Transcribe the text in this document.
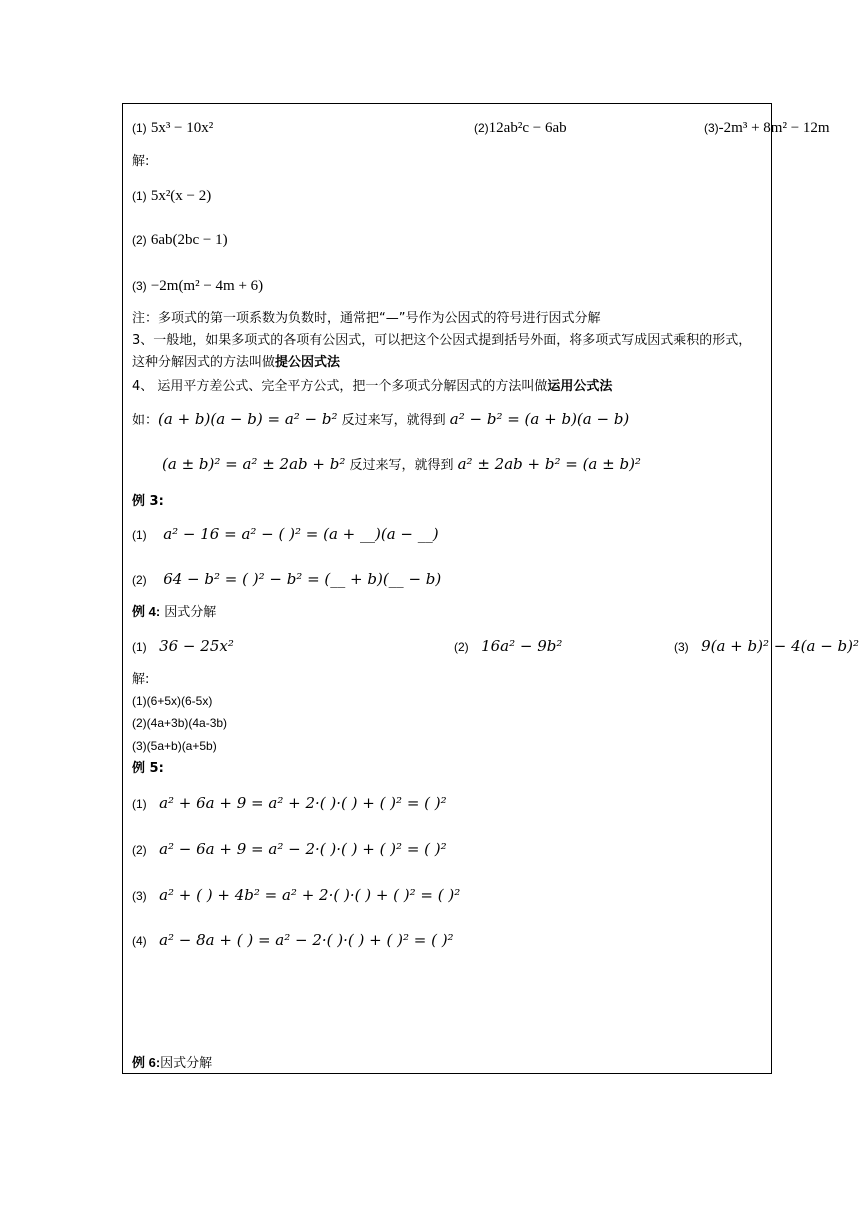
(1) 5x³ − 10x²	(2)12ab²c − 6ab	(3)-2m³ + 8m² − 12m
解:
(1) 5x²(x − 2)
(2) 6ab(2bc − 1)
(3) −2m(m² − 4m + 6)
注：多项式的第一项系数为负数时，通常把“—”号作为公因式的符号进行因式分解
3、一般地，如果多项式的各项有公因式，可以把这个公因式提到括号外面，将多项式写成因式乘积的形式，这种分解因式的方法叫做提公因式法
4、 运用平方差公式、完全平方公式，把一个多项式分解因式的方法叫做运用公式法
如：(a + b)(a − b) = a² − b² 反过来写，就得到 a² − b² = (a + b)(a − b)
(a ± b)² = a² ± 2ab + b² 反过来写，就得到 a² ± 2ab + b² = (a ± b)²
例 3:
(1) a² − 16 = a² − ( )² = (a + __)(a − __)
(2) 64 − b² = ( )² − b² = (__ + b)(__ − b)
例 4: 因式分解
(1) 36 − 25x²	(2) 16a² − 9b²	(3) 9(a + b)² − 4(a − b)²
解:
(1)(6+5x)(6-5x)
(2)(4a+3b)(4a-3b)
(3)(5a+b)(a+5b)
例 5:
(1) a² + 6a + 9 = a² + 2·( )·( ) + ( )² = ( )²
(2) a² − 6a + 9 = a² − 2·( )·( ) + ( )² = ( )²
(3) a² + ( ) + 4b² = a² + 2·( )·( ) + ( )² = ( )²
(4) a² − 8a + ( ) = a² − 2·( )·( ) + ( )² = ( )²
例 6:因式分解
